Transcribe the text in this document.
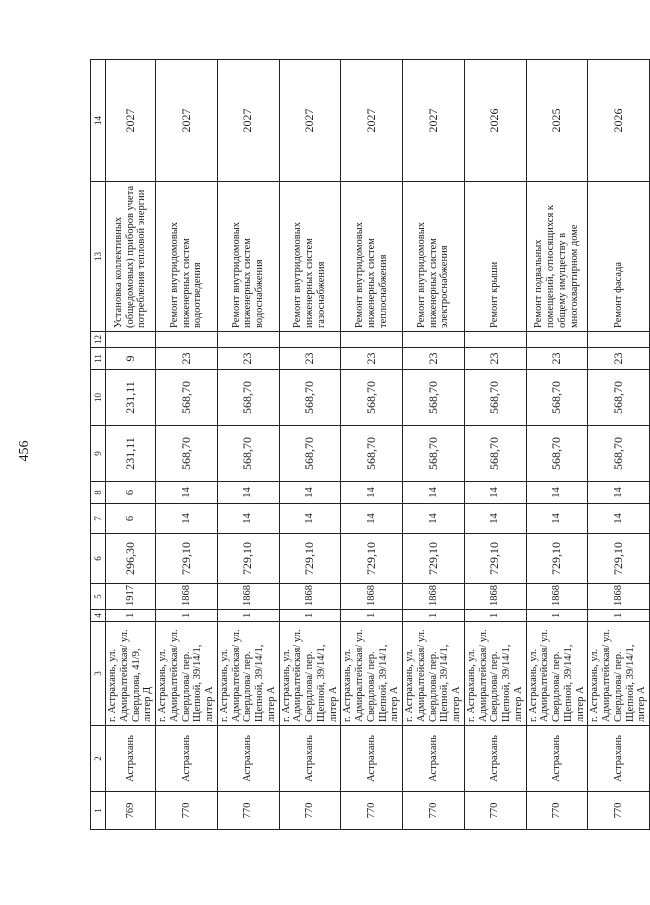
456
1	2	3	4	5	6	7	8	9	10	11	12	13	14
769	Астрахань	г. Астрахань, ул. Адмиралтейская/ ул. Свердлова, 41/9, литер Д	1	1917	296,30	6	6	231,11	231,11	9		Установка коллективных (общедомовых) приборов учета потребления тепловой энергии	2027
770	Астрахань	г. Астрахань, ул. Адмиралтейская/ ул. Свердлова/ пер. Щепной, 39/14/1, литер А	1	1868	729,10	14	14	568,70	568,70	23		Ремонт внутридомовых инженерных систем водоотведения	2027
770	Астрахань	г. Астрахань, ул. Адмиралтейская/ ул. Свердлова/ пер. Щепной, 39/14/1, литер А	1	1868	729,10	14	14	568,70	568,70	23		Ремонт внутридомовых инженерных систем водоснабжения	2027
770	Астрахань	г. Астрахань, ул. Адмиралтейская/ ул. Свердлова/ пер. Щепной, 39/14/1, литер А	1	1868	729,10	14	14	568,70	568,70	23		Ремонт внутридомовых инженерных систем газоснабжения	2027
770	Астрахань	г. Астрахань, ул. Адмиралтейская/ ул. Свердлова/ пер. Щепной, 39/14/1, литер А	1	1868	729,10	14	14	568,70	568,70	23		Ремонт внутридомовых инженерных систем теплоснабжения	2027
770	Астрахань	г. Астрахань, ул. Адмиралтейская/ ул. Свердлова/ пер. Щепной, 39/14/1, литер А	1	1868	729,10	14	14	568,70	568,70	23		Ремонт внутридомовых инженерных систем электроснабжения	2027
770	Астрахань	г. Астрахань, ул. Адмиралтейская/ ул. Свердлова/ пер. Щепной, 39/14/1, литер А	1	1868	729,10	14	14	568,70	568,70	23		Ремонт крыши	2026
770	Астрахань	г. Астрахань, ул. Адмиралтейская/ ул. Свердлова/ пер. Щепной, 39/14/1, литер А	1	1868	729,10	14	14	568,70	568,70	23		Ремонт подвальных помещений, относящихся к общему имуществу в многоквартирном доме	2025
770	Астрахань	г. Астрахань, ул. Адмиралтейская/ ул. Свердлова/ пер. Щепной, 39/14/1, литер А	1	1868	729,10	14	14	568,70	568,70	23		Ремонт фасада	2026
